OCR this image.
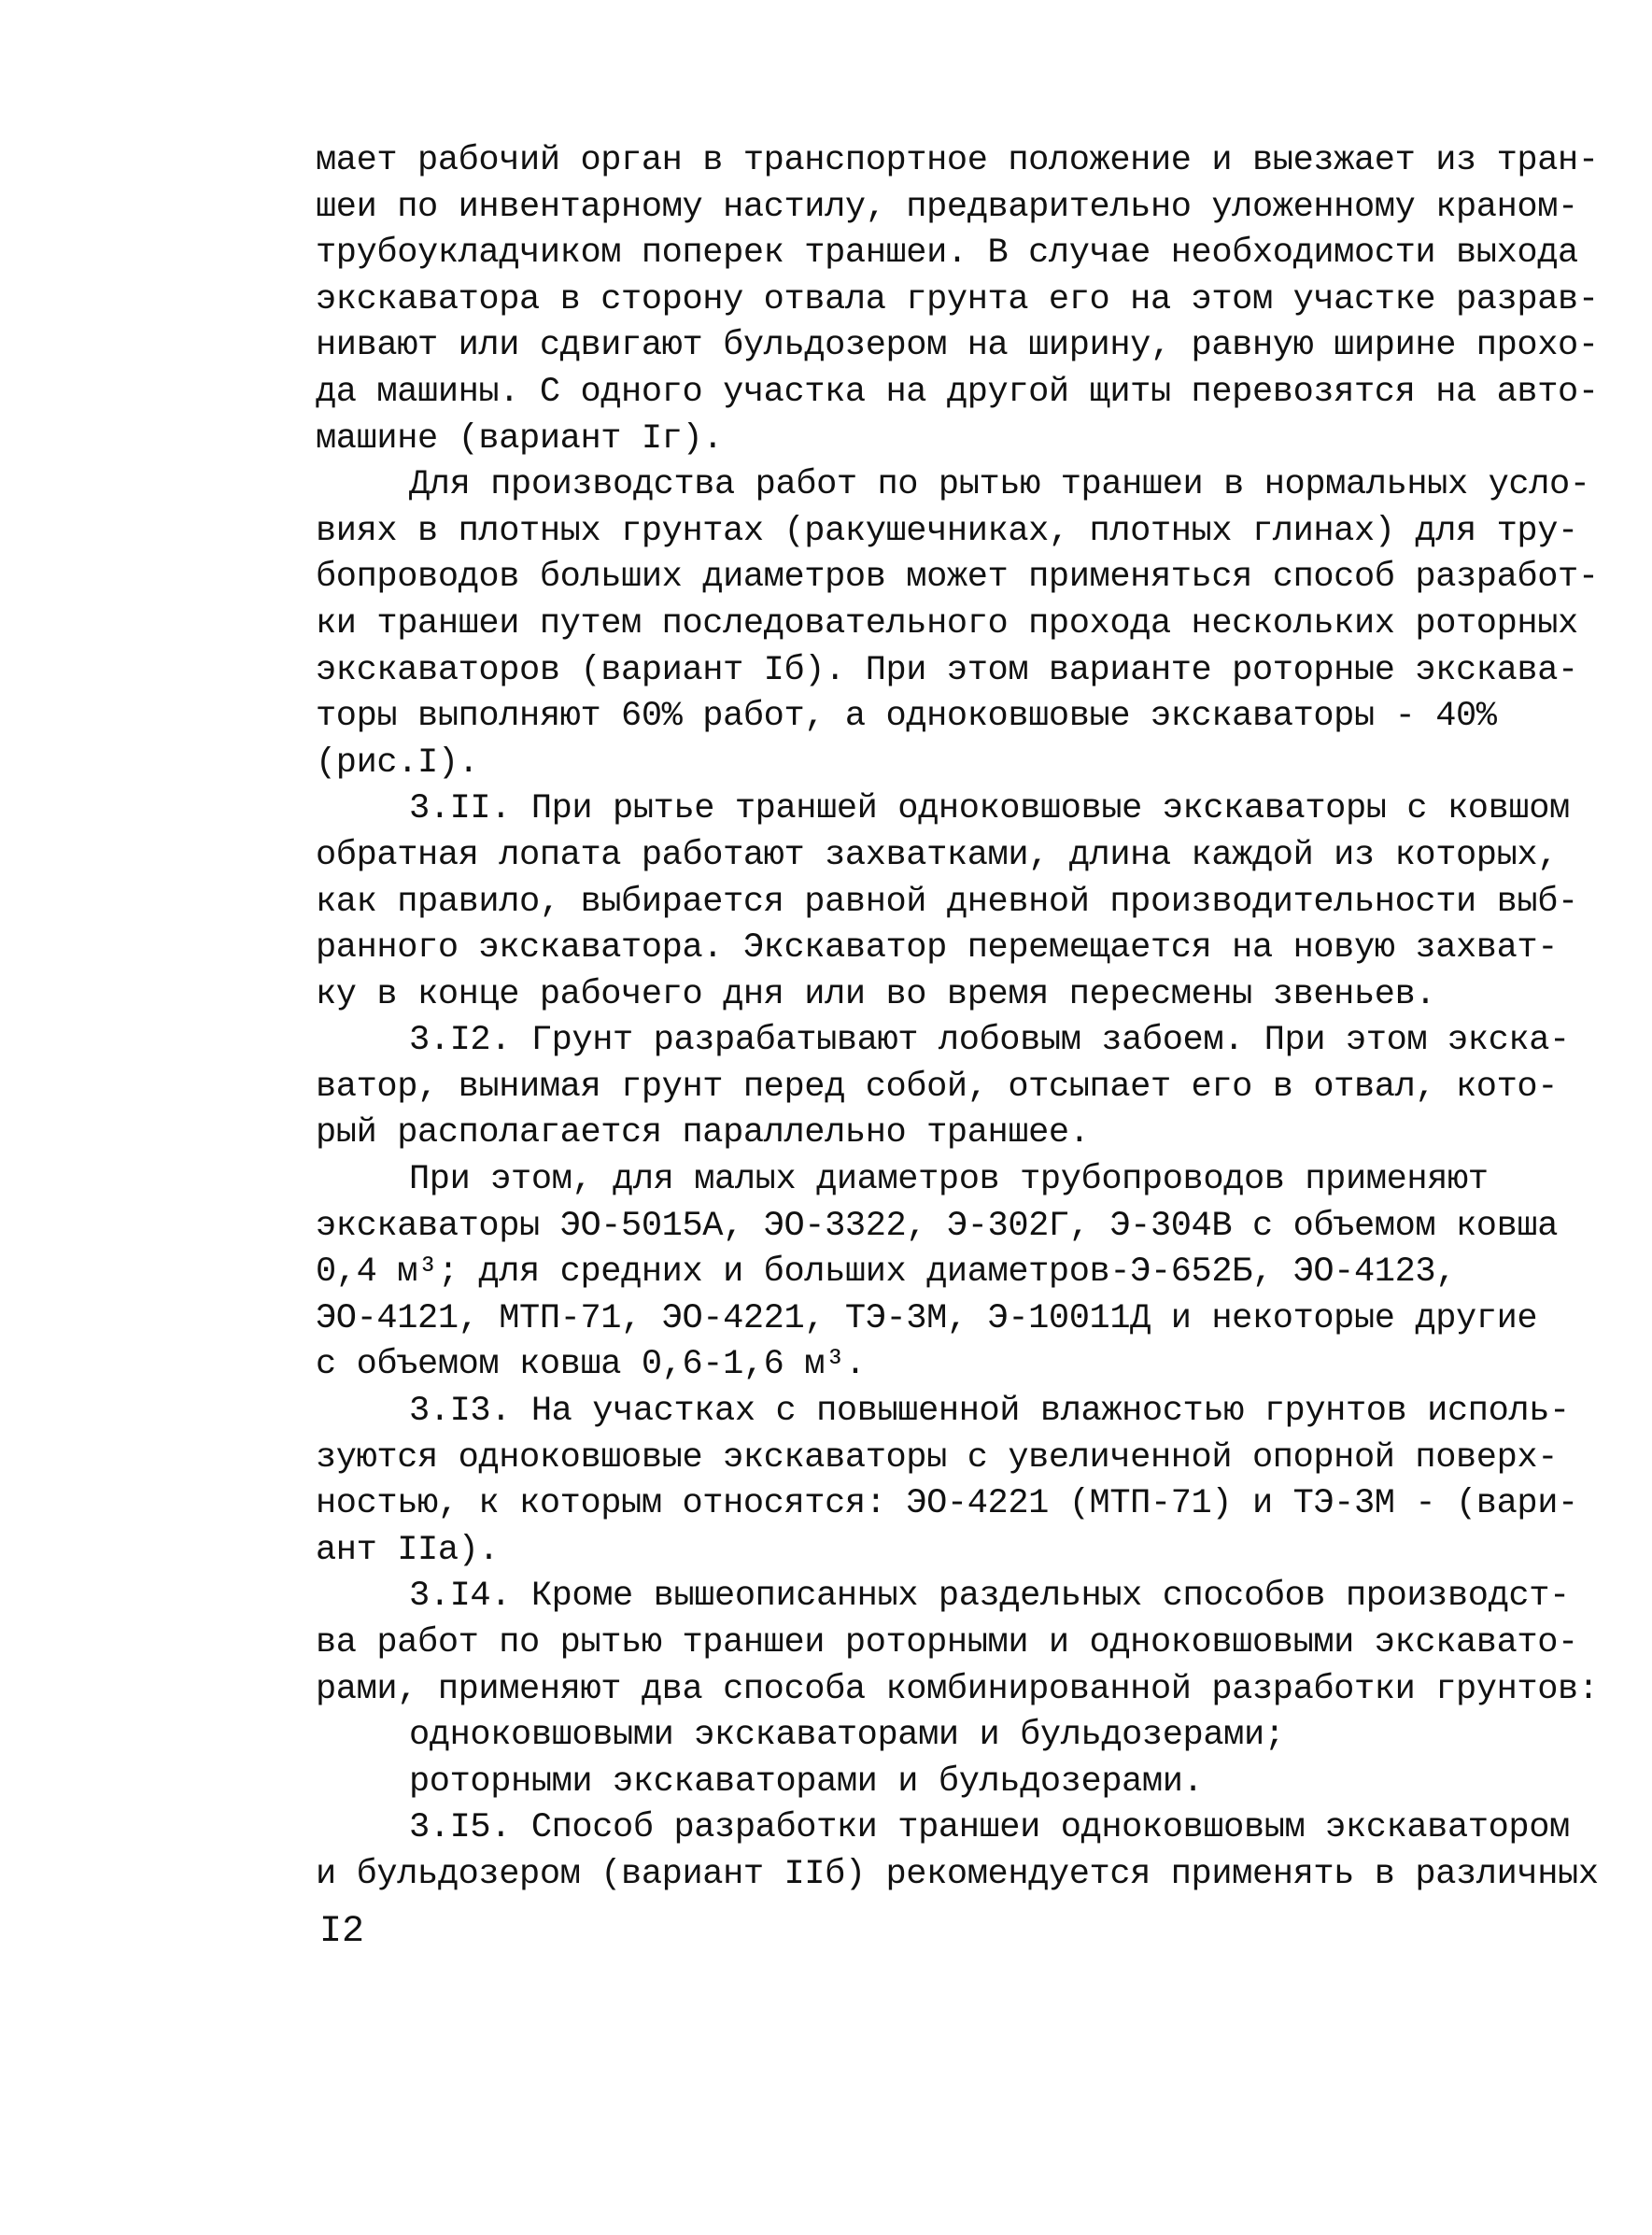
мает рабочий орган в транспортное положение и выезжает из тран-
шеи по инвентарному настилу, предварительно уложенному краном-
трубоукладчиком поперек траншеи. В случае необходимости выхода
экскаватора в сторону отвала грунта его на этом участке разрав-
нивают или сдвигают бульдозером на ширину, равную ширине прохо-
да машины. С одного участка на другой щиты перевозятся на авто-
машине (вариант Iг).
Для производства работ по рытью траншеи в нормальных усло-
виях в плотных грунтах (ракушечниках, плотных глинах) для тру-
бопроводов больших диаметров может применяться способ разработ-
ки траншеи путем последовательного прохода нескольких роторных
экскаваторов (вариант Iб). При этом варианте роторные экскава-
торы выполняют 60% работ, а одноковшовые экскаваторы - 40%
(рис.I).
3.II. При рытье траншей одноковшовые экскаваторы с ковшом
обратная лопата работают захватками, длина каждой из которых,
как правило, выбирается равной дневной производительности выб-
ранного экскаватора. Экскаватор перемещается на новую захват-
ку в конце рабочего дня или во время пересмены звеньев.
3.I2. Грунт разрабатывают лобовым забоем. При этом экска-
ватор, вынимая грунт перед собой, отсыпает его в отвал, кото-
рый располагается параллельно траншее.
При этом, для малых диаметров трубопроводов применяют
экскаваторы ЭО-5015А, ЭО-3322, Э-302Г, Э-304В с объемом ковша
0,4 м³; для средних и больших диаметров-Э-652Б, ЭО-4123,
ЭО-4121, МТП-71, ЭО-4221, ТЭ-3М, Э-10011Д и некоторые другие
с объемом ковша 0,6-1,6 м³.
3.I3. На участках с повышенной влажностью грунтов исполь-
зуются одноковшовые экскаваторы с увеличенной опорной поверх-
ностью, к которым относятся: ЭО-4221 (МТП-71) и ТЭ-3М - (вари-
ант IIа).
3.I4. Кроме вышеописанных раздельных способов производст-
ва работ по рытью траншеи роторными и одноковшовыми экскавато-
рами, применяют два способа комбинированной разработки грунтов:
одноковшовыми экскаваторами и бульдозерами;
роторными экскаваторами и бульдозерами.
3.I5. Способ разработки траншеи одноковшовым экскаватором
и бульдозером (вариант IIб) рекомендуется применять в различных
I2
